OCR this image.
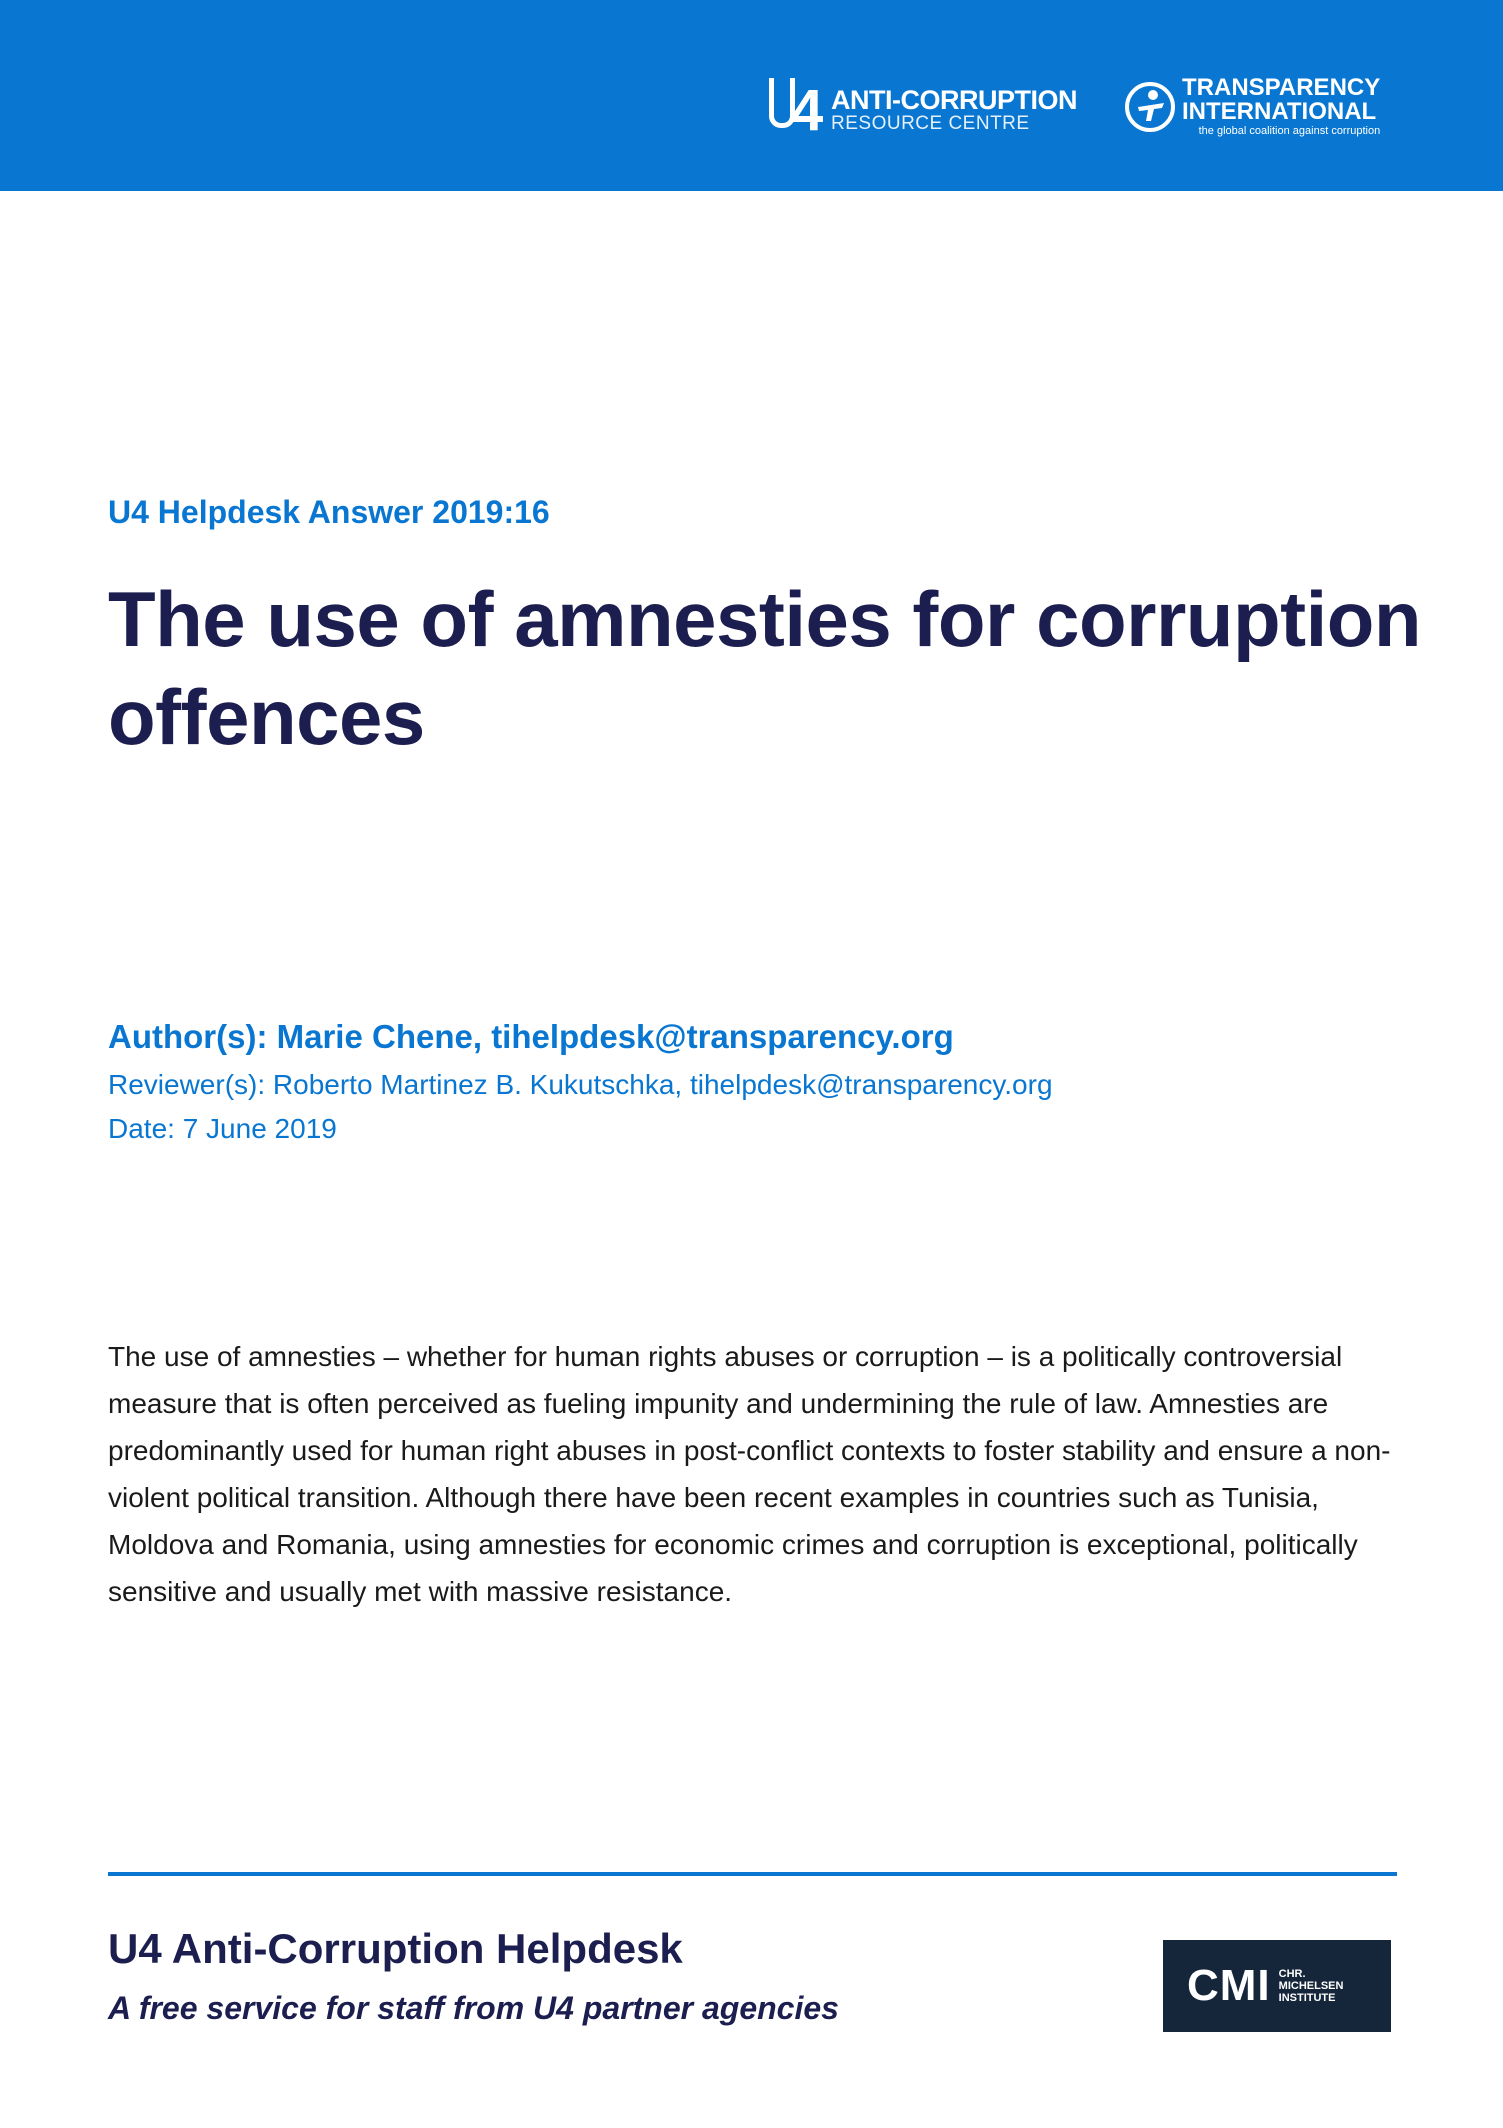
4 ANTI-CORRUPTION
RESOURCE CENTRE
TRANSPARENCY
INTERNATIONAL
the global coalition against corruption
U4 Helpdesk Answer 2019:16
The use of amnesties for corruption offences
Author(s): Marie Chene, tihelpdesk@transparency.org
Reviewer(s): Roberto Martinez B. Kukutschka, tihelpdesk@transparency.org
Date: 7 June 2019

The use of amnesties – whether for human rights abuses or corruption – is a politically controversial measure that is often perceived as fueling impunity and undermining the rule of law. Amnesties are predominantly used for human right abuses in post-conflict contexts to foster stability and ensure a non-violent political transition. Although there have been recent examples in countries such as Tunisia, Moldova and Romania, using amnesties for economic crimes and corruption is exceptional, politically sensitive and usually met with massive resistance.

U4 Anti-Corruption Helpdesk
A free service for staff from U4 partner agencies	CMI CHR.
MICHELSEN
INSTITUTE
